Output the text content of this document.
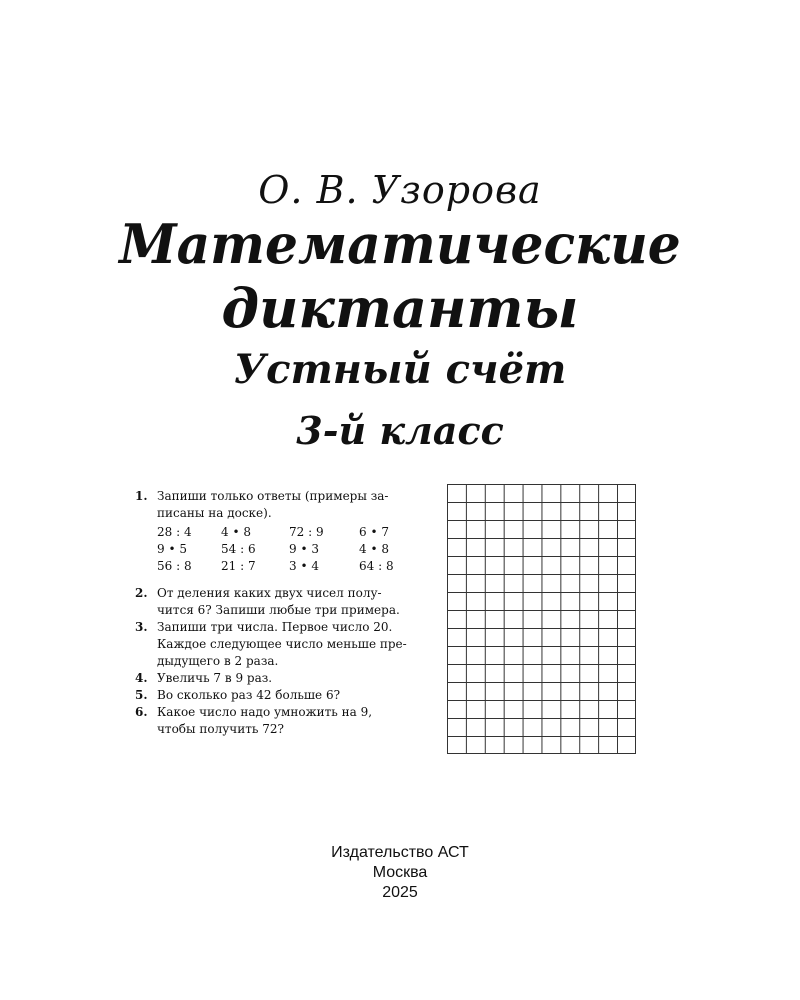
О. В. Узорова
Математические
диктанты
Устный счёт
3-й класс
1. Запиши только ответы (примеры за-
писаны на доске).
28 : 4	4 • 8	72 : 9	6 • 7
9 • 5	54 : 6	9 • 3	4 • 8
56 : 8	21 : 7	3 • 4	64 : 8
2. От деления каких двух чисел полу-
чится 6? Запиши любые три примера.
3. Запиши три числа. Первое число 20.
Каждое следующее число меньше пре-
дыдущего в 2 раза.
4. Увеличь 7 в 9 раз.
5. Во сколько раз 42 больше 6?
6. Какое число надо умножить на 9,
чтобы получить 72?
Издательство АСТ
Москва
2025
